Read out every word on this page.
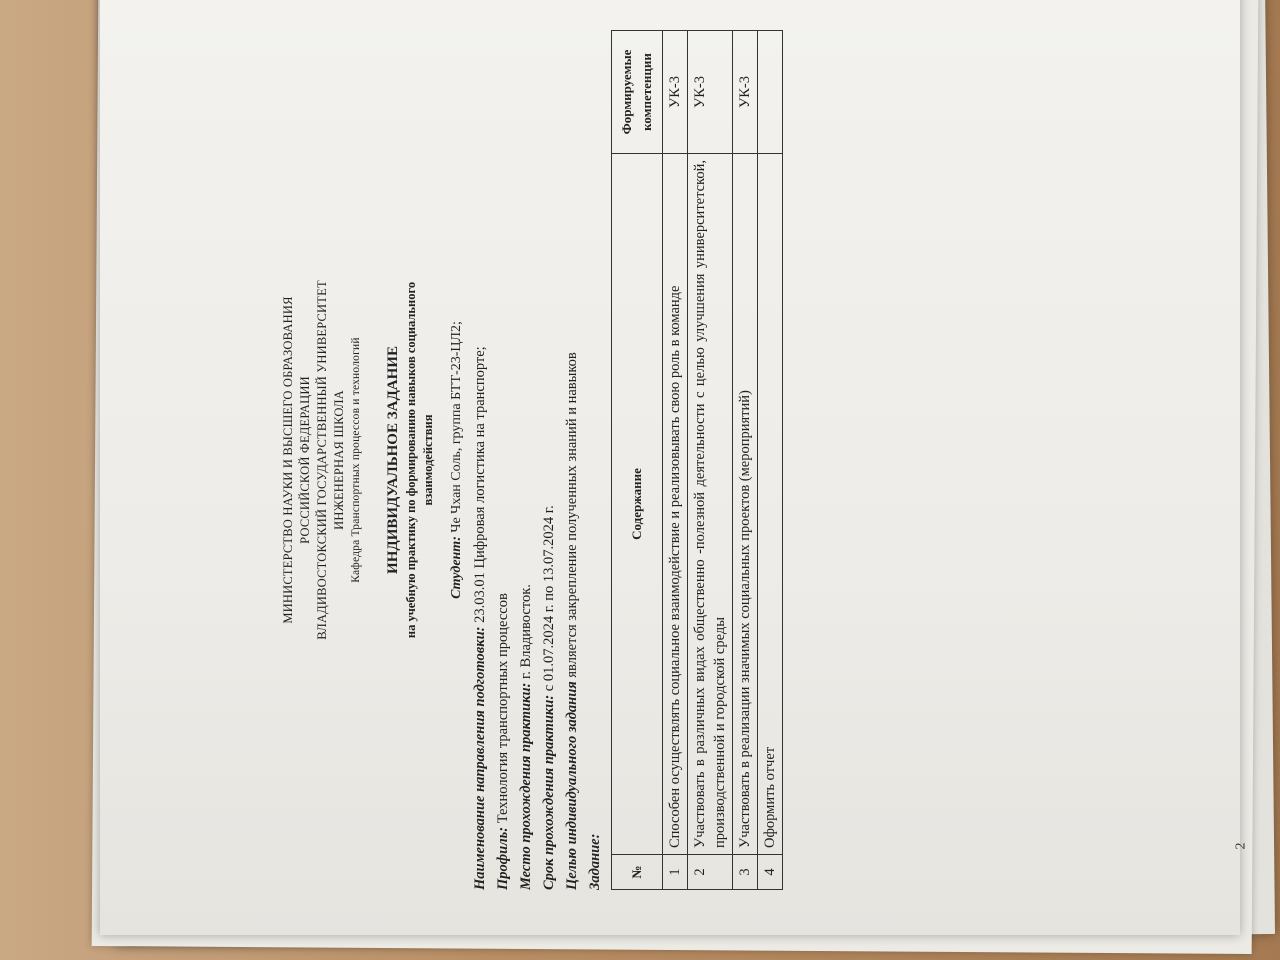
МИНИСТЕРСТВО НАУКИ И ВЫСШЕГО ОБРАЗОВАНИЯ РОССИЙСКОЙ ФЕДЕРАЦИИ ВЛАДИВОСТОКСКИЙ ГОСУДАРСТВЕННЫЙ УНИВЕРСИТЕТ ИНЖЕНЕРНАЯ ШКОЛА Кафедра Транспортных процессов и технологий ИНДИВИДУАЛЬНОЕ ЗАДАНИЕ на учебную практику по формированию навыков социального взаимодействия
Студент: Че Чхан Соль, группа БТТ-23-ЦЛ2;
Наименование направления подготовки: 23.03.01 Цифровая логистика на транспорте;
Профиль: Технология транспортных процессов Место прохождения практики: г. Владивосток.
Срок прохождения практики: с 01.07.2024 г. по 13.07.2024 г.
Целью индивидуального задания является закрепление полученных знаний и навыков
Задание: №	Содержание	Формируемые компетенции
1	Способен осуществлять социальное взаимодействие и реализовывать свою роль в команде	УК-3
2	Участвовать в различных видах общественно -полезной деятельности с целью улучшения университетской, производственной и городской среды	УК-3
3	Участвовать в реализации значимых социальных проектов (мероприятий)	УК-3
4	Оформить отчет		2
